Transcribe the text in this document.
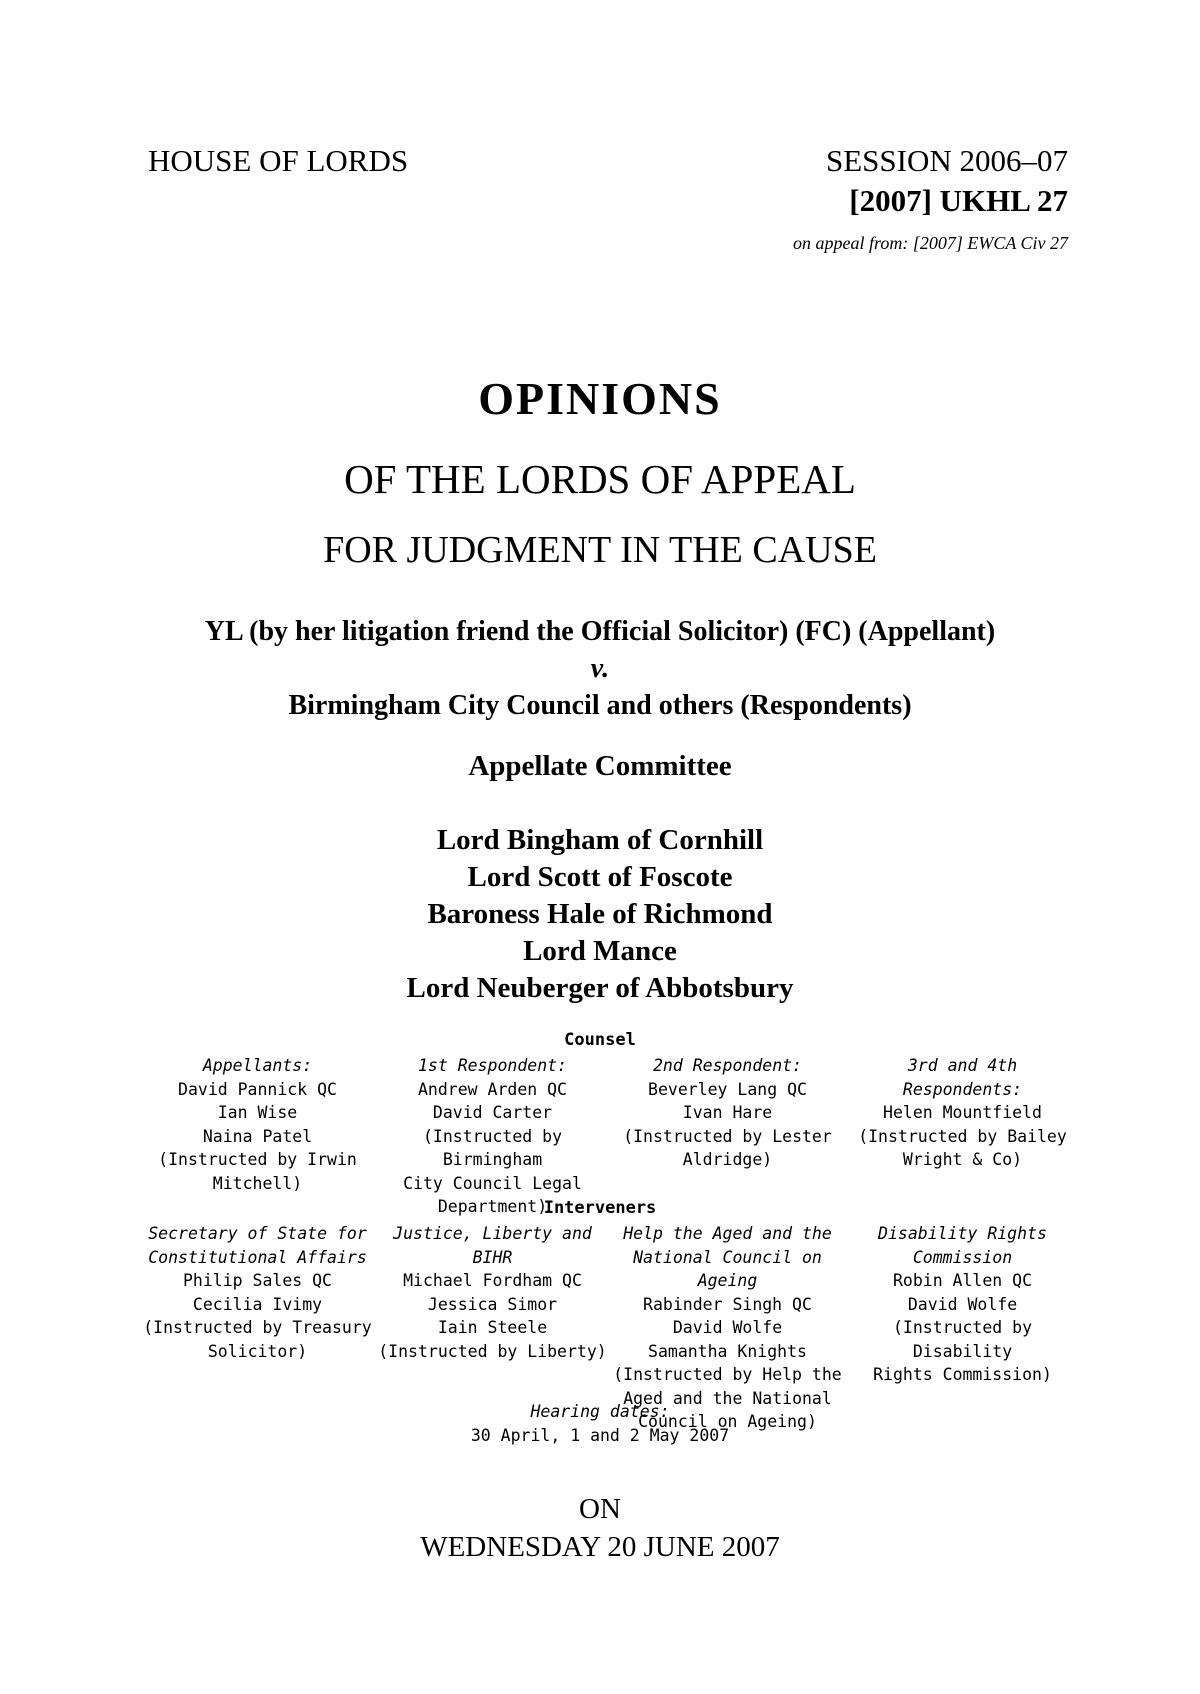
HOUSE OF LORDS	SESSION 2006–07
[2007] UKHL 27
on appeal from: [2007] EWCA Civ 27
OPINIONS
OF THE LORDS OF APPEAL
FOR JUDGMENT IN THE CAUSE
YL (by her litigation friend the Official Solicitor) (FC) (Appellant)
v.
Birmingham City Council and others (Respondents)
Appellate Committee
Lord Bingham of Cornhill
Lord Scott of Foscote
Baroness Hale of Richmond
Lord Mance
Lord Neuberger of Abbotsbury
Counsel
Appellants:
David Pannick QC
Ian Wise
Naina Patel
(Instructed by Irwin
Mitchell)
1st Respondent:
Andrew Arden QC
David Carter
(Instructed by Birmingham
City Council Legal
Department)
2nd Respondent:
Beverley Lang QC
Ivan Hare
(Instructed by Lester
Aldridge)
3rd and 4th Respondents:
Helen Mountfield
(Instructed by Bailey
Wright & Co)
Interveners
Secretary of State for
Constitutional Affairs
Philip Sales QC
Cecilia Ivimy
(Instructed by Treasury
Solicitor)
Justice, Liberty and BIHR
Michael Fordham QC
Jessica Simor
Iain Steele
(Instructed by Liberty)
Help the Aged and the
National Council on Ageing
Rabinder Singh QC
David Wolfe
Samantha Knights
(Instructed by Help the
Aged and the National
Council on Ageing)
Disability Rights
Commission
Robin Allen QC
David Wolfe
(Instructed by Disability
Rights Commission)
Hearing dates:
30 April, 1 and 2 May 2007
ON
WEDNESDAY 20 JUNE 2007
